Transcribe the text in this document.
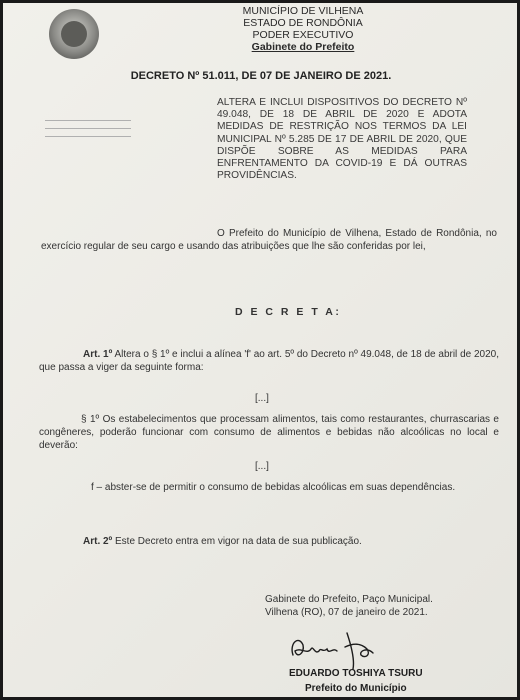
MUNICÍPIO DE VILHENA
ESTADO DE RONDÔNIA
PODER EXECUTIVO
Gabinete do Prefeito
DECRETO Nº 51.011, DE 07 DE JANEIRO DE 2021.

ALTERA E INCLUI DISPOSITIVOS DO DECRETO Nº 49.048, DE 18 DE ABRIL DE 2020 E ADOTA MEDIDAS DE RESTRIÇÃO NOS TERMOS DA LEI MUNICIPAL Nº 5.285 DE 17 DE ABRIL DE 2020, QUE DISPÕE SOBRE AS MEDIDAS PARA ENFRENTAMENTO DA COVID-19 E DÁ OUTRAS PROVIDÊNCIAS.

O Prefeito do Município de Vilhena, Estado de Rondônia, no exercício regular de seu cargo e usando das atribuições que lhe são conferidas por lei,

D E C R E T A:

Art. 1º Altera o § 1º e inclui a alínea 'f' ao art. 5º do Decreto nº 49.048, de 18 de abril de 2020, que passa a viger da seguinte forma:

[...]

§ 1º Os estabelecimentos que processam alimentos, tais como restaurantes, churrascarias e congêneres, poderão funcionar com consumo de alimentos e bebidas não alcoólicas no local e deverão:

[...]

f – abster-se de permitir o consumo de bebidas alcoólicas em suas dependências.

Art. 2º Este Decreto entra em vigor na data de sua publicação.

Gabinete do Prefeito, Paço Municipal.
Vilhena (RO), 07 de janeiro de 2021.
EDUARDO TOSHIYA TSURU
Prefeito do Município
